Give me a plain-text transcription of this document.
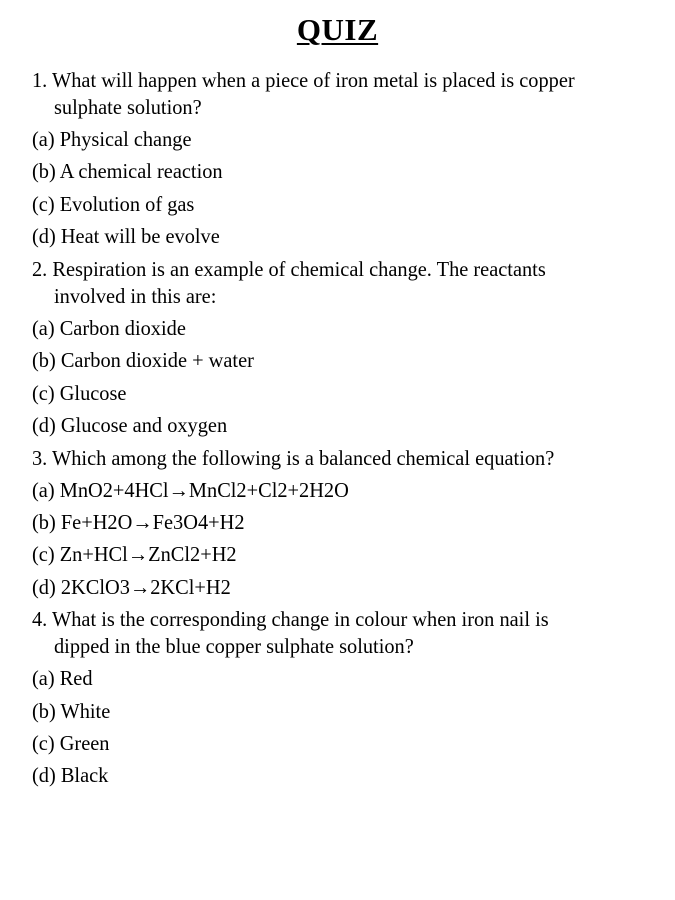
QUIZ
1. What will happen when a piece of iron metal is placed is copper
sulphate solution?
(a) Physical change
(b) A chemical reaction
(c) Evolution of gas
(d) Heat will be evolve
2. Respiration is an example of chemical change. The reactants
involved in this are:
(a) Carbon dioxide
(b) Carbon dioxide + water
(c) Glucose
(d) Glucose and oxygen
3. Which among the following is a balanced chemical equation?
(a) MnO2+4HCl→MnCl2+Cl2+2H2O
(b) Fe+H2O→Fe3O4+H2
(c) Zn+HCl→ZnCl2+H2
(d) 2KClO3→2KCl+H2
4. What is the corresponding change in colour when iron nail is
dipped in the blue copper sulphate solution?
(a) Red
(b) White
(c) Green
(d) Black
